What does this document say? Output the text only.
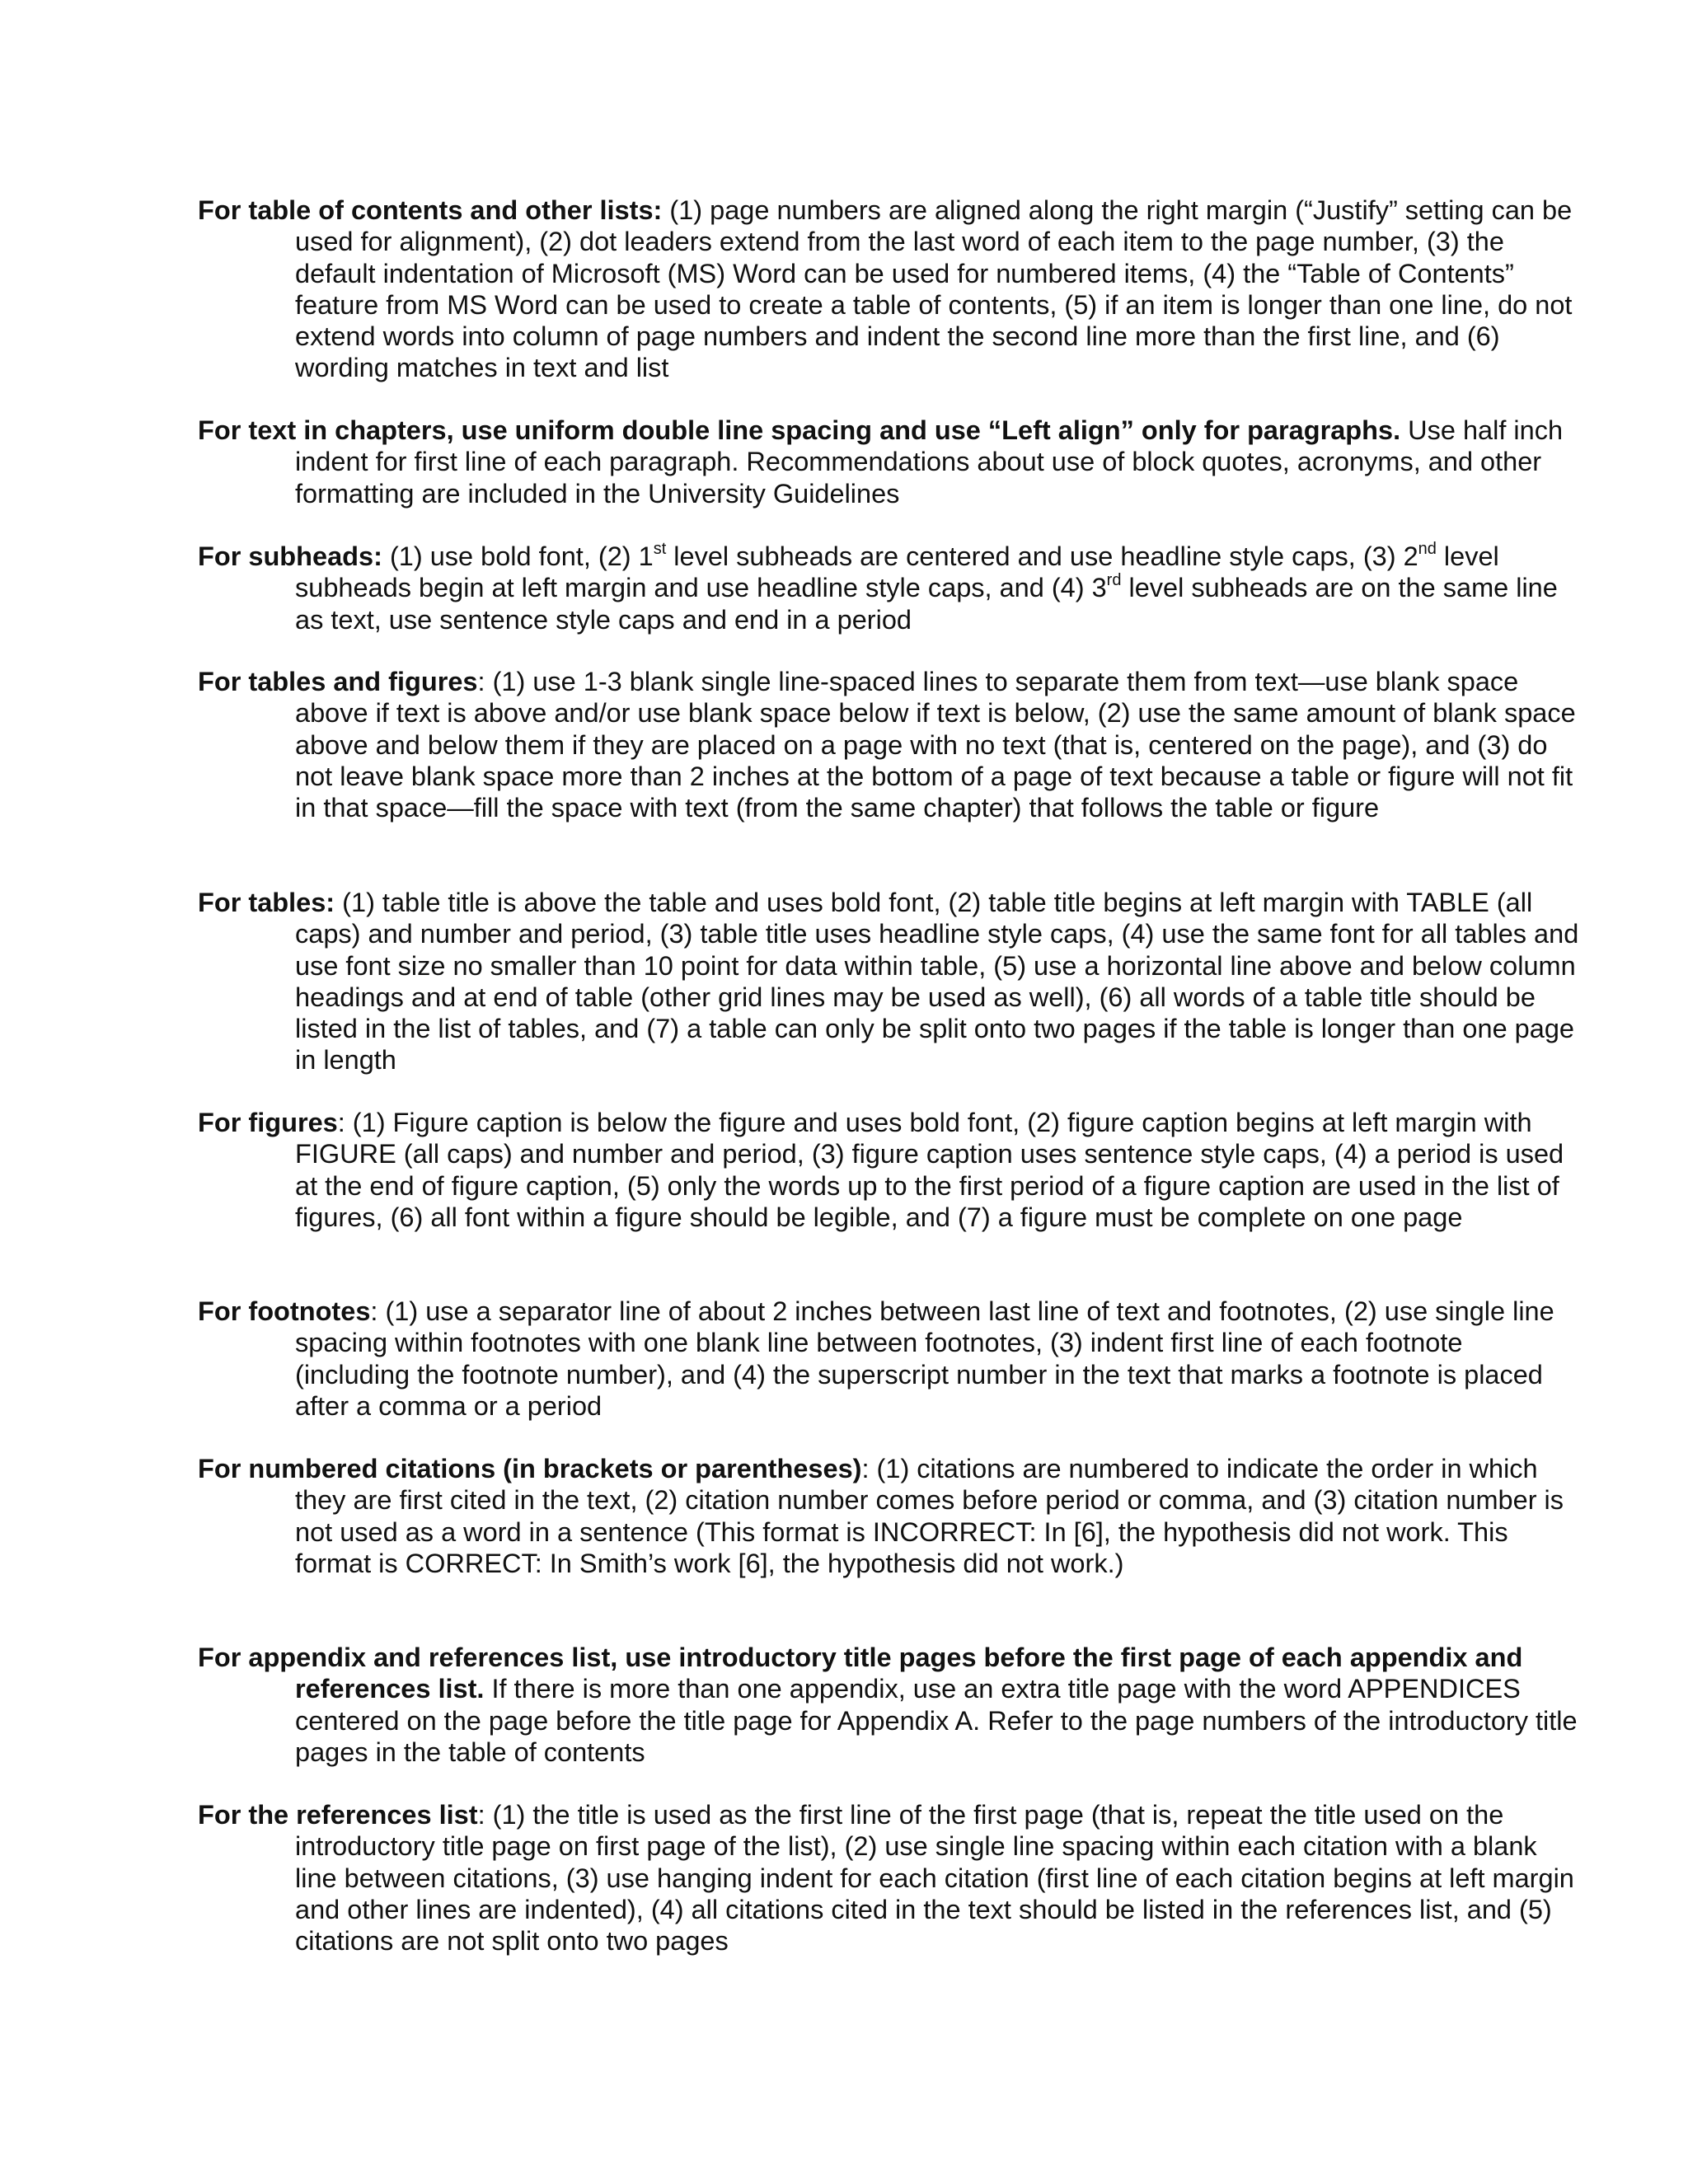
For table of contents and other lists: (1) page numbers are aligned along the right margin (“Justify” setting can be used for alignment), (2) dot leaders extend from the last word of each item to the page number, (3) the default indentation of Microsoft (MS) Word can be used for numbered items, (4) the “Table of Contents” feature from MS Word can be used to create a table of contents, (5) if an item is longer than one line, do not extend words into column of page numbers and indent the second line more than the first line, and (6) wording matches in text and list

For text in chapters, use uniform double line spacing and use “Left align” only for paragraphs. Use half inch indent for first line of each paragraph. Recommendations about use of block quotes, acronyms, and other formatting are included in the University Guidelines

For subheads: (1) use bold font, (2) 1st level subheads are centered and use headline style caps, (3) 2nd level subheads begin at left margin and use headline style caps, and (4) 3rd level subheads are on the same line as text, use sentence style caps and end in a period

For tables and figures: (1) use 1-3 blank single line-spaced lines to separate them from text—use blank space above if text is above and/or use blank space below if text is below, (2) use the same amount of blank space above and below them if they are placed on a page with no text (that is, centered on the page), and (3) do not leave blank space more than 2 inches at the bottom of a page of text because a table or figure will not fit in that space—fill the space with text (from the same chapter) that follows the table or figure

For tables: (1) table title is above the table and uses bold font, (2) table title begins at left margin with TABLE (all caps) and number and period, (3) table title uses headline style caps, (4) use the same font for all tables and use font size no smaller than 10 point for data within table, (5) use a horizontal line above and below column headings and at end of table (other grid lines may be used as well), (6) all words of a table title should be listed in the list of tables, and (7) a table can only be split onto two pages if the table is longer than one page in length

For figures: (1) Figure caption is below the figure and uses bold font, (2) figure caption begins at left margin with FIGURE (all caps) and number and period, (3) figure caption uses sentence style caps, (4) a period is used at the end of figure caption, (5) only the words up to the first period of a figure caption are used in the list of figures, (6) all font within a figure should be legible, and (7) a figure must be complete on one page

For footnotes: (1) use a separator line of about 2 inches between last line of text and footnotes, (2) use single line spacing within footnotes with one blank line between footnotes, (3) indent first line of each footnote (including the footnote number), and (4) the superscript number in the text that marks a footnote is placed after a comma or a period

For numbered citations (in brackets or parentheses): (1) citations are numbered to indicate the order in which they are first cited in the text, (2) citation number comes before period or comma, and (3) citation number is not used as a word in a sentence (This format is INCORRECT: In [6], the hypothesis did not work. This format is CORRECT: In Smith’s work [6], the hypothesis did not work.)

For appendix and references list, use introductory title pages before the first page of each appendix and references list. If there is more than one appendix, use an extra title page with the word APPENDICES centered on the page before the title page for Appendix A. Refer to the page numbers of the introductory title pages in the table of contents

For the references list: (1) the title is used as the first line of the first page (that is, repeat the title used on the introductory title page on first page of the list), (2) use single line spacing within each citation with a blank line between citations, (3) use hanging indent for each citation (first line of each citation begins at left margin and other lines are indented), (4) all citations cited in the text should be listed in the references list, and (5) citations are not split onto two pages
